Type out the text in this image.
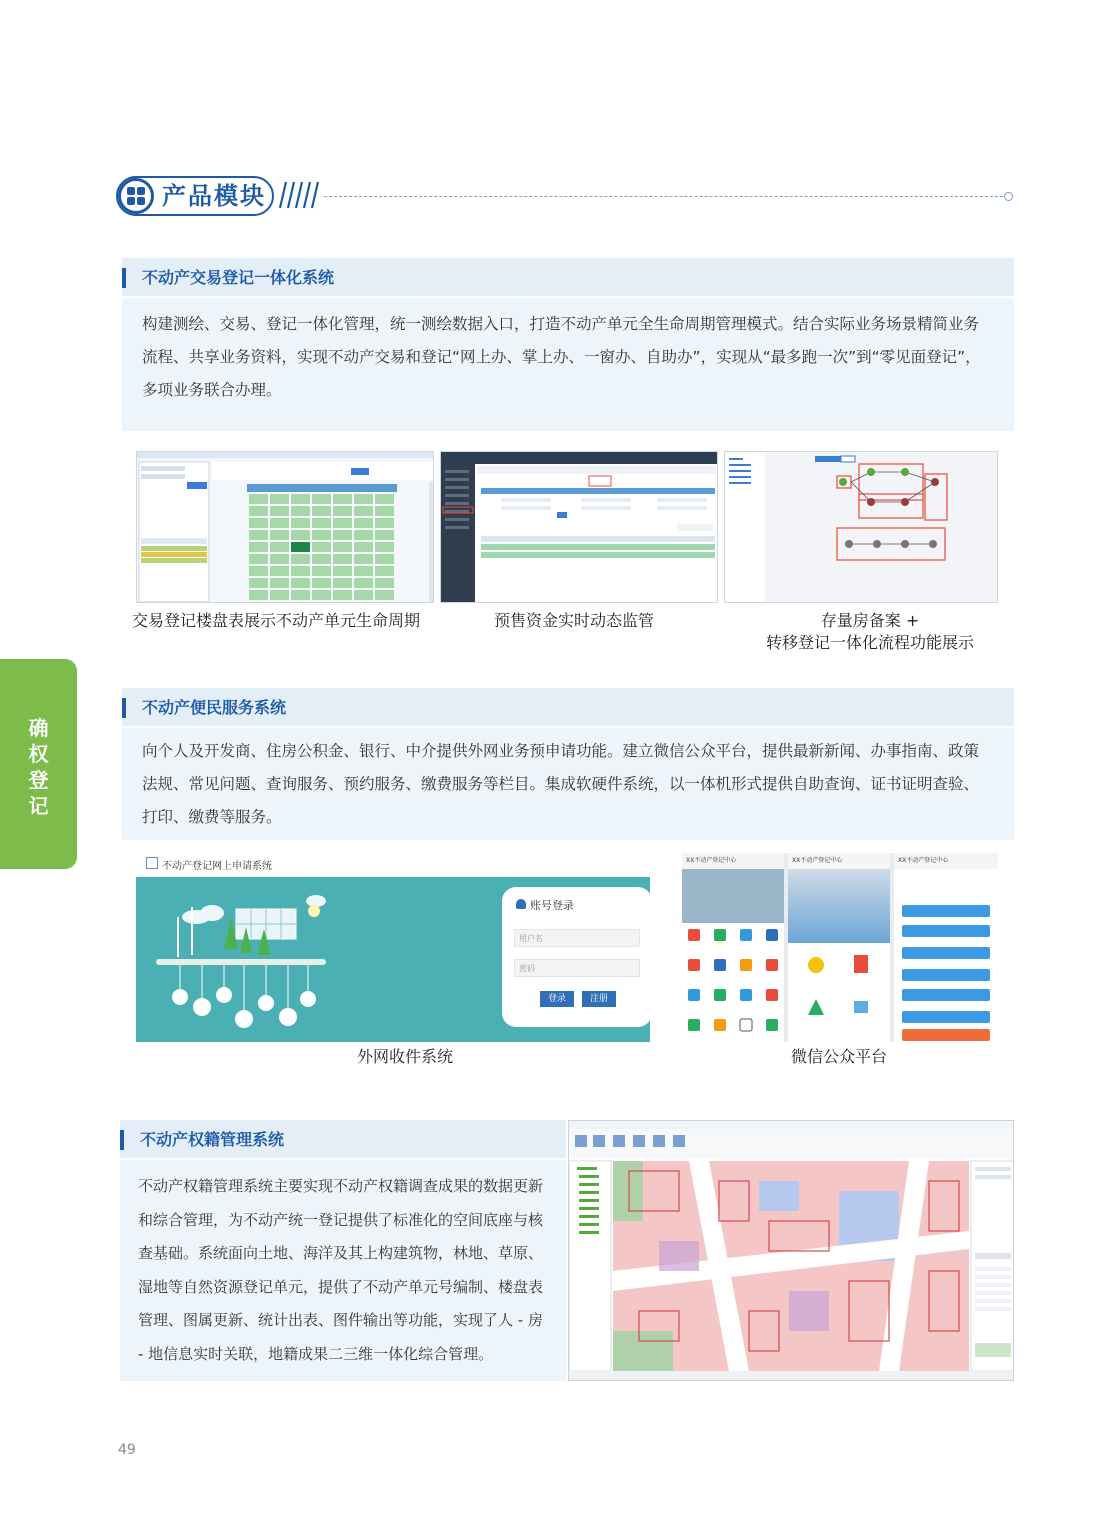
产品模块
不动产交易登记一体化系统
构建测绘、交易、登记一体化管理，统一测绘数据入口，打造不动产单元全生命周期管理模式。结合实际业务场景精简业务流程、共享业务资料，实现不动产交易和登记“网上办、掌上办、一窗办、自助办”，实现从“最多跑一次”到“零见面登记”，多项业务联合办理。
交易登记楼盘表展示不动产单元生命周期	预售资金实时动态监管	存量房备案 +
转移登记一体化流程功能展示
确权登记
不动产便民服务系统
向个人及开发商、住房公积金、银行、中介提供外网业务预申请功能。建立微信公众平台，提供最新新闻、办事指南、政策法规、常见问题、查询服务、预约服务、缴费服务等栏目。集成软硬件系统，以一体机形式提供自助查询、证书证明查验、打印、缴费等服务。
不动产登记网上申请系统
账号登录
用户名
密码
登录	注册
XX不动产登记中心	XX不动产登记中心	XX不动产登记中心
外网收件系统	微信公众平台
不动产权籍管理系统
不动产权籍管理系统主要实现不动产权籍调查成果的数据更新和综合管理，为不动产统一登记提供了标准化的空间底座与核查基础。系统面向土地、海洋及其上构建筑物，林地、草原、湿地等自然资源登记单元，提供了不动产单元号编制、楼盘表管理、图属更新、统计出表、图件输出等功能，实现了人 - 房 - 地信息实时关联，地籍成果二三维一体化综合管理。
49
